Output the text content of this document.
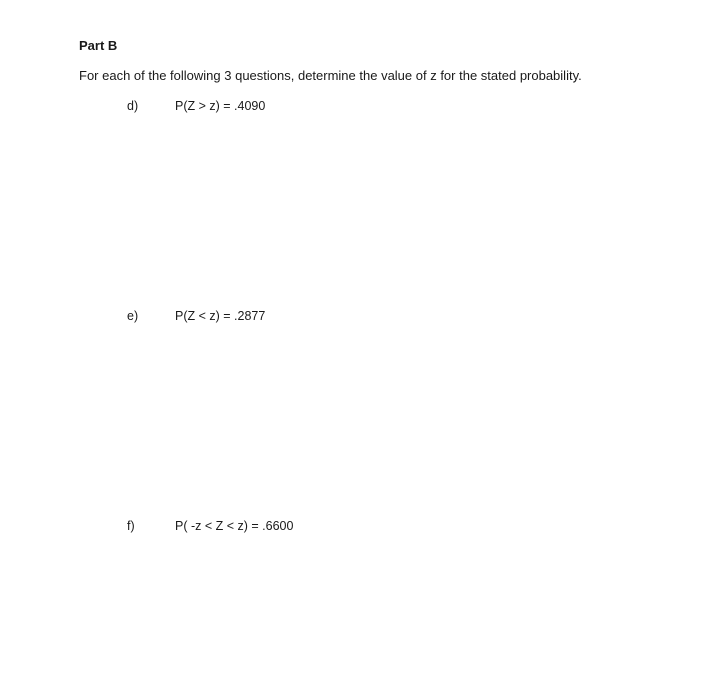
Part B
For each of the following 3 questions, determine the value of z for the stated probability.
d)	P(Z > z) = .4090
e)	P(Z < z) = .2877
f)	P( -z < Z < z) = .6600
